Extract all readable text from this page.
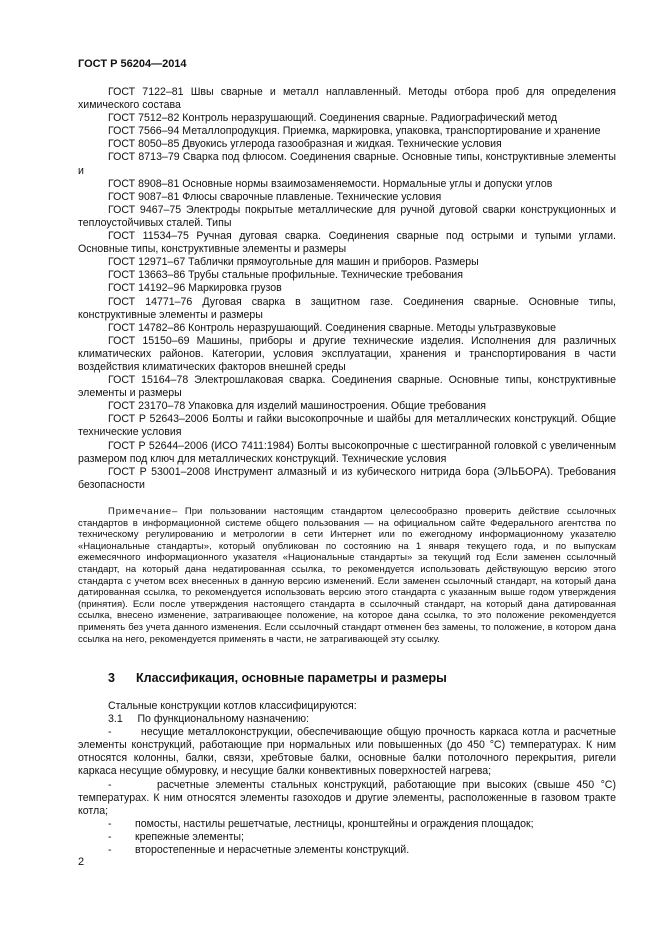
ГОСТ Р 56204—2014

ГОСТ 7122–81 Швы сварные и металл наплавленный. Методы отбора проб для определения химического состава

ГОСТ 7512–82 Контроль неразрушающий. Соединения сварные. Радиографический метод

ГОСТ 7566–94 Металлопродукция. Приемка, маркировка, упаковка, транспортирование и хранение

ГОСТ 8050–85 Двуокись углерода газообразная и жидкая. Технические условия

ГОСТ 8713–79 Сварка под флюсом. Соединения сварные. Основные типы, конструктивные элементы и

ГОСТ 8908–81 Основные нормы взаимозаменяемости. Нормальные углы и допуски углов

ГОСТ 9087–81 Флюсы сварочные плавленые. Технические условия

ГОСТ 9467–75 Электроды покрытые металлические для ручной дуговой сварки конструкционных и теплоустойчивых сталей. Типы

ГОСТ 11534–75 Ручная дуговая сварка. Соединения сварные под острыми и тупыми углами. Основные типы, конструктивные элементы и размеры

ГОСТ 12971–67 Таблички прямоугольные для машин и приборов. Размеры

ГОСТ 13663–86 Трубы стальные профильные. Технические требования

ГОСТ 14192–96 Маркировка грузов

ГОСТ 14771–76 Дуговая сварка в защитном газе. Соединения сварные. Основные типы, конструктивные элементы и размеры

ГОСТ 14782–86 Контроль неразрушающий. Соединения сварные. Методы ультразвуковые

ГОСТ 15150–69 Машины, приборы и другие технические изделия. Исполнения для различных климатических районов. Категории, условия эксплуатации, хранения и транспортирования в части воздействия климатических факторов внешней среды

ГОСТ 15164–78 Электрошлаковая сварка. Соединения сварные. Основные типы, конструктивные элементы и размеры

ГОСТ 23170–78 Упаковка для изделий машиностроения. Общие требования

ГОСТ Р 52643–2006 Болты и гайки высокопрочные и шайбы для металлических конструкций. Общие технические условия

ГОСТ Р 52644–2006 (ИСО 7411:1984) Болты высокопрочные с шестигранной головкой с увеличенным размером под ключ для металлических конструкций. Технические условия

ГОСТ Р 53001–2008 Инструмент алмазный и из кубического нитрида бора (ЭЛЬБОРА). Требования безопасности

Примечание– При пользовании настоящим стандартом целесообразно проверить действие ссылочных стандартов в информационной системе общего пользования — на официальном сайте Федерального агентства по техническому регулированию и метрологии в сети Интернет или по ежегодному информационному указателю «Национальные стандарты», который опубликован по состоянию на 1 января текущего года, и по выпускам ежемесячного информационного указателя «Национальные стандарты» за текущий год Если заменен ссылочный стандарт, на который дана недатированная ссылка, то рекомендуется использовать действующую версию этого стандарта с учетом всех внесенных в данную версию изменений. Если заменен ссылочный стандарт, на который дана датированная ссылка, то рекомендуется использовать версию этого стандарта с указанным выше годом утверждения (принятия). Если после утверждения настоящего стандарта в ссылочный стандарт, на который дана датированная ссылка, внесено изменение, затрагивающее положение, на которое дана ссылка, то это положение рекомендуется применять без учета данного изменения. Если ссылочный стандарт отменен без замены, то положение, в котором дана ссылка на него, рекомендуется применять в части, не затрагивающей эту ссылку.

3 Классификация, основные параметры и размеры

Стальные конструкции котлов классифицируются:

3.1     По функциональному назначению:

-	несущие металлоконструкции, обеспечивающие общую прочность каркаса котла и расчетные элементы конструкций, работающие при нормальных или повышенных (до 450 °С) температурах. К ним относятся колонны, балки, связи, хребтовые балки, основные балки потолочного перекрытия, ригели каркаса несущие обмуровку, и несущие балки конвективных поверхностей нагрева;

-	расчетные элементы стальных конструкций, работающие при высоких (свыше 450 °С) температурах. К ним относятся элементы газоходов и другие элементы, расположенные в газовом тракте котла;

-	помосты, настилы решетчатые, лестницы, кронштейны и ограждения площадок;
-	крепежные элементы;
-	второстепенные и нерасчетные элементы конструкций.
2
